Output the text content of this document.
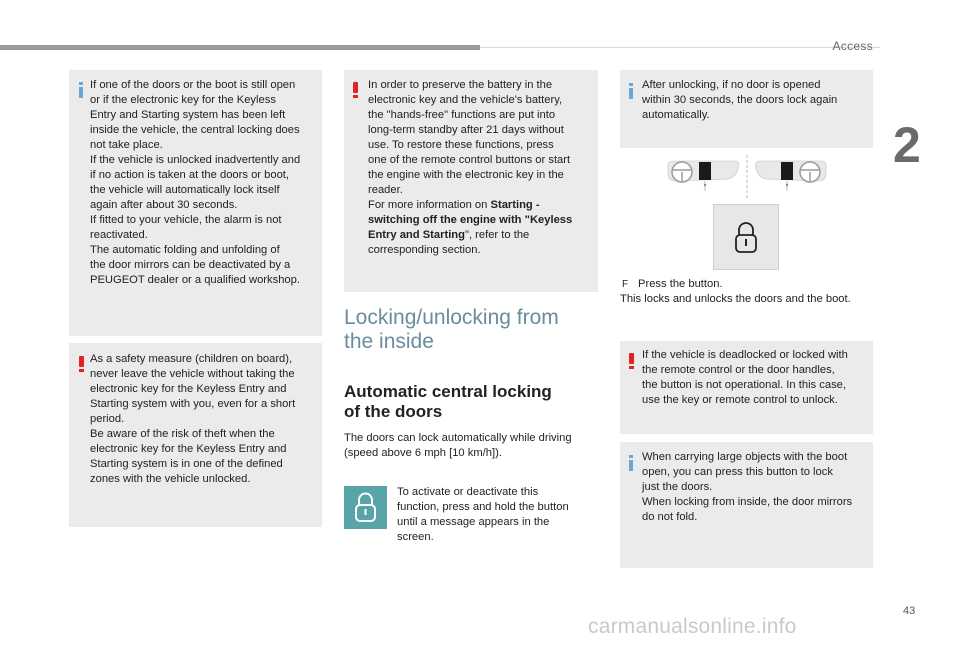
Access
2

If one of the doors or the boot is still open
or if the electronic key for the Keyless
Entry and Starting system has been left
inside the vehicle, the central locking does
not take place.
If the vehicle is unlocked inadvertently and
if no action is taken at the doors or boot,
the vehicle will automatically lock itself
again after about 30 seconds.
If fitted to your vehicle, the alarm is not
reactivated.
The automatic folding and unfolding of
the door mirrors can be deactivated by a
PEUGEOT dealer or a qualified workshop.

As a safety measure (children on board),
never leave the vehicle without taking the
electronic key for the Keyless Entry and
Starting system with you, even for a short
period.
Be aware of the risk of theft when the
electronic key for the Keyless Entry and
Starting system is in one of the defined
zones with the vehicle unlocked.

In order to preserve the battery in the
electronic key and the vehicle's battery,
the "hands-free" functions are put into
long-term standby after 21 days without
use. To restore these functions, press
one of the remote control buttons or start
the engine with the electronic key in the
reader.
For more information on Starting -
switching off the engine with "Keyless
Entry and Starting", refer to the
corresponding section.

Locking/unlocking from
the inside
Automatic central locking
of the doors

The doors can lock automatically while driving
(speed above 6 mph [10 km/h]).

To activate or deactivate this
function, press and hold the button
until a message appears in the
screen.

After unlocking, if no door is opened
within 30 seconds, the doors lock again
automatically.

F Press the button.

This locks and unlocks the doors and the boot.

If the vehicle is deadlocked or locked with
the remote control or the door handles,
the button is not operational. In this case,
use the key or remote control to unlock.

When carrying large objects with the boot
open, you can press this button to lock
just the doors.
When locking from inside, the door mirrors
do not fold.

43
carmanualsonline.info
